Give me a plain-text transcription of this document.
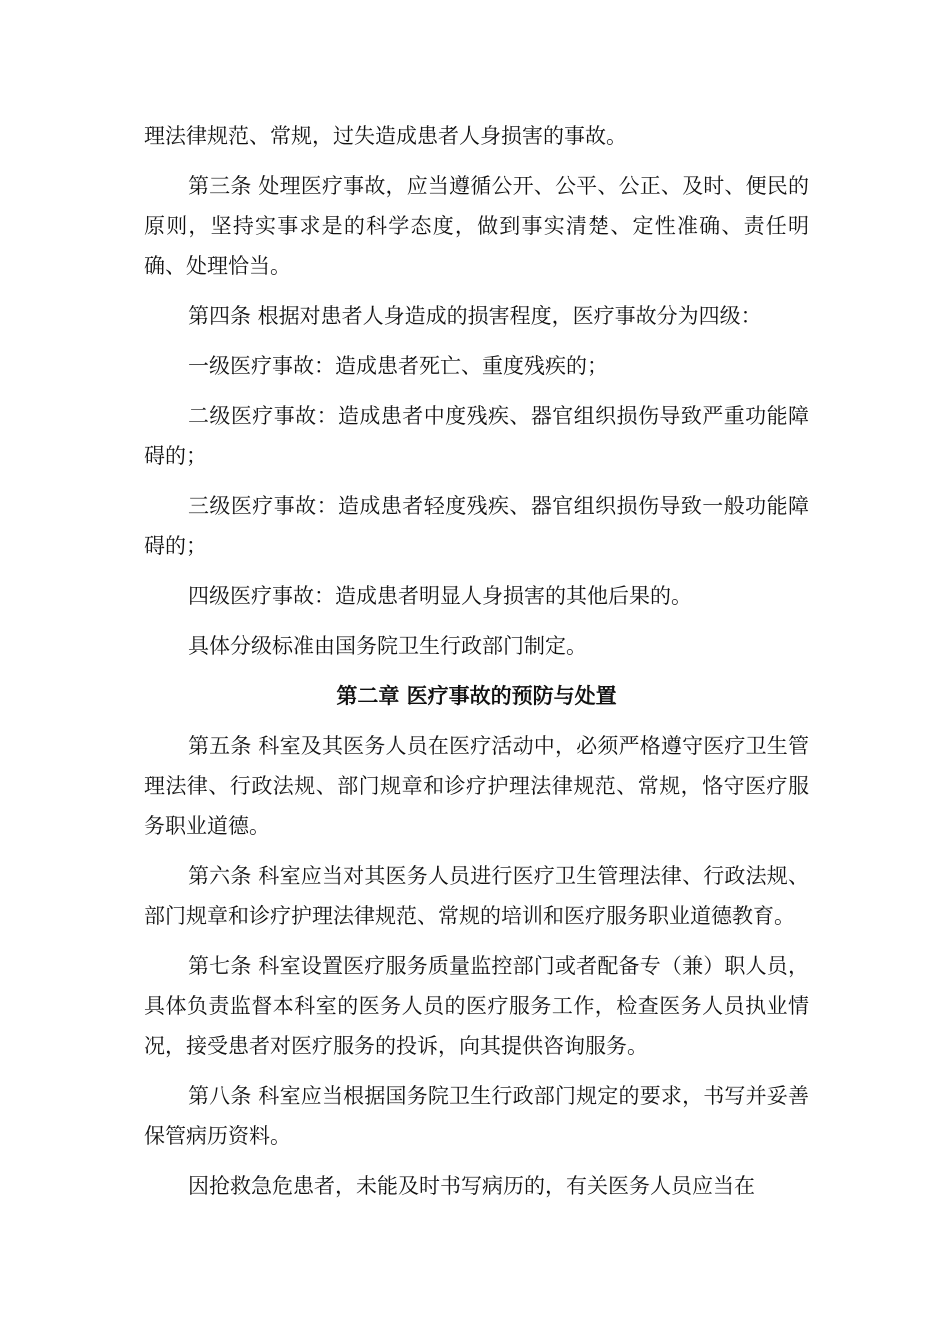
理法律规范、常规，过失造成患者人身损害的事故。

第三条 处理医疗事故，应当遵循公开、公平、公正、及时、便民的原则，坚持实事求是的科学态度，做到事实清楚、定性准确、责任明确、处理恰当。

第四条 根据对患者人身造成的损害程度，医疗事故分为四级：

一级医疗事故：造成患者死亡、重度残疾的；

二级医疗事故：造成患者中度残疾、器官组织损伤导致严重功能障碍的；

三级医疗事故：造成患者轻度残疾、器官组织损伤导致一般功能障碍的；

四级医疗事故：造成患者明显人身损害的其他后果的。

具体分级标准由国务院卫生行政部门制定。

第二章 医疗事故的预防与处置

第五条 科室及其医务人员在医疗活动中，必须严格遵守医疗卫生管理法律、行政法规、部门规章和诊疗护理法律规范、常规，恪守医疗服务职业道德。

第六条 科室应当对其医务人员进行医疗卫生管理法律、行政法规、部门规章和诊疗护理法律规范、常规的培训和医疗服务职业道德教育。

第七条 科室设置医疗服务质量监控部门或者配备专（兼）职人员，具体负责监督本科室的医务人员的医疗服务工作，检查医务人员执业情况，接受患者对医疗服务的投诉，向其提供咨询服务。

第八条 科室应当根据国务院卫生行政部门规定的要求，书写并妥善保管病历资料。

因抢救急危患者，未能及时书写病历的，有关医务人员应当在
